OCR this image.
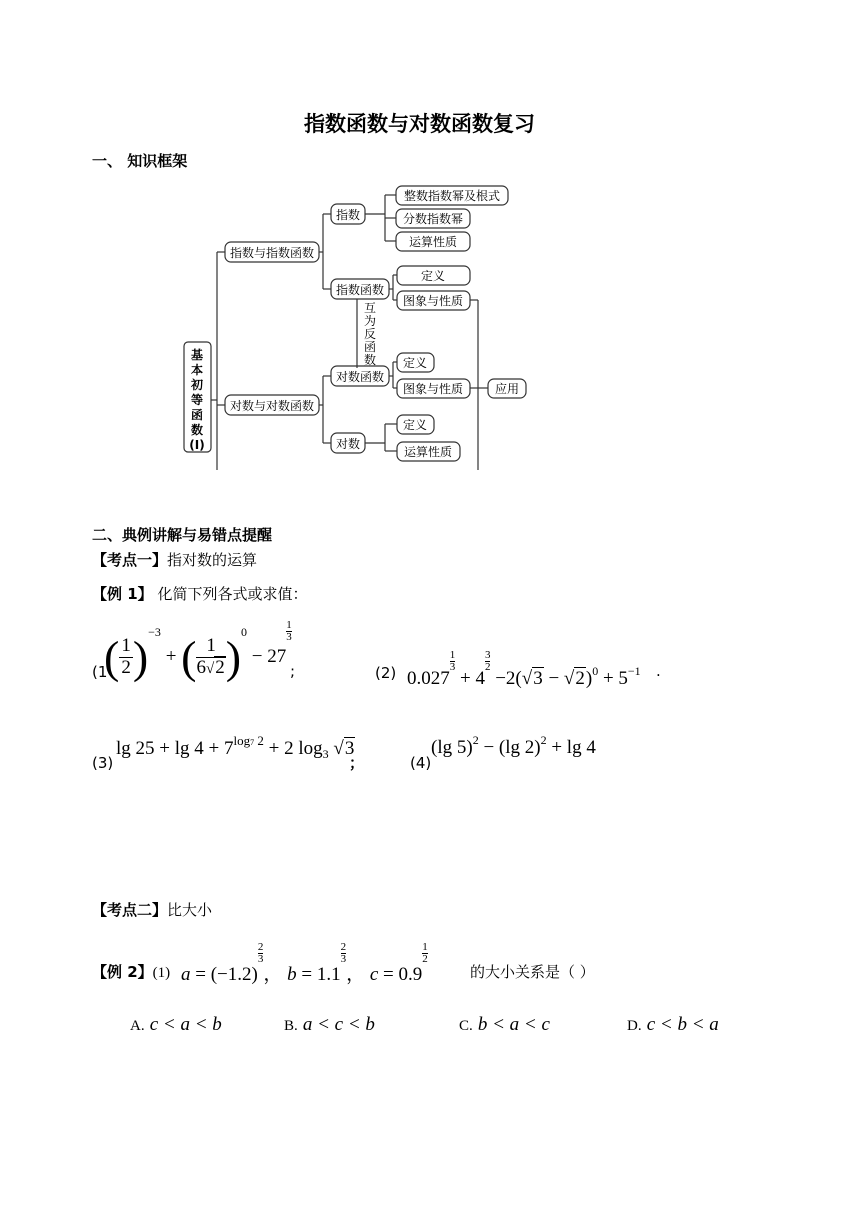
指数函数与对数函数复习
一、 知识框架
基
本
初
等
函
数
(Ⅰ)
指数与指数函数
对数与对数函数
指数
整数指数幂及根式
分数指数幂
运算性质
指数函数
定义
图象与性质
互
为
反
函
数
对数函数
定义
图象与性质	应用
对数
定义
运算性质
二、典例讲解与易错点提醒
【考点一】指对数的运算
【例 1】 化简下列各式或求值：
(1
( $\frac{1}{2} )^{-3}$ + ( $\frac{1}{6√2} )^0 - 27$
$\frac{1}{3}$
;	(2) 0.027
$\frac{1}{3}$
+ 4
$\frac{3}{2}$
$-2(√3 - √2)^0 + 5^{-1}$ .
(3)
$\lg 25 + \lg 4 + 7^{log7 2} + 2$ $\log_3 √3$
；	(4)
(lg 5)$^2$ − (lg 2)$^2$ + lg 4
【考点二】比大小
【例 2】(1) a = (−1.2)
$\frac{2}{3}$
， b = 1.1
$\frac{2}{3}$
， c = 0.9
$\frac{1}{2}$
的大小关系是（ ）
A. c < a < b	B. a < c < b	C. b < a < c	D. c < b < a
